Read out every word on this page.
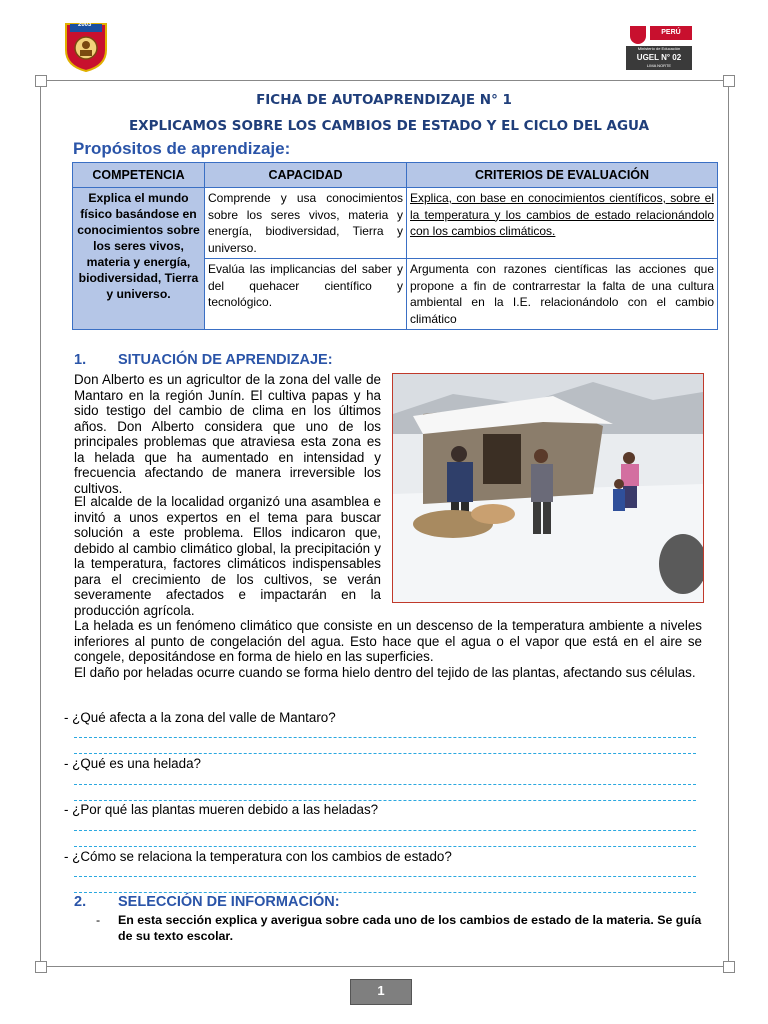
2003
PERÚ
Ministerio de Educación
UGEL N° 02
LIMA NORTE
FICHA DE AUTOAPRENDIZAJE N° 1
EXPLICAMOS SOBRE LOS CAMBIOS DE ESTADO Y EL CICLO DEL AGUA
Propósitos de aprendizaje:
COMPETENCIA	CAPACIDAD	CRITERIOS DE EVALUACIÓN
Explica el mundo físico basándose en conocimientos sobre los seres vivos, materia y energía, biodiversidad, Tierra y universo.	Comprende y usa conocimientos sobre los seres vivos, materia y energía, biodiversidad, Tierra y universo.	Explica, con base en conocimientos científicos, sobre el la temperatura y los cambios de estado relacionándolo con los cambios climáticos.
	Evalúa las implicancias del saber y del quehacer científico y tecnológico.	Argumenta con razones científicas las acciones que propone a fin de contrarrestar la falta de una cultura ambiental en la I.E. relacionándolo con el cambio climático
1. SITUACIÓN DE APRENDIZAJE:
Don Alberto es un agricultor de la zona del valle de Mantaro en la región Junín. El cultiva papas y ha sido testigo del cambio de clima en los últimos años. Don Alberto considera que uno de los principales problemas que atraviesa esta zona es la helada que ha aumentado en intensidad y frecuencia afectando de manera irreversible los cultivos.
El alcalde de la localidad organizó una asamblea e invitó a unos expertos en el tema para buscar solución a este problema. Ellos indicaron que, debido al cambio climático global, la precipitación y la temperatura, factores climáticos indispensables para el crecimiento de los cultivos, se verán severamente afectados e impactarán en la producción agrícola.
La helada es un fenómeno climático que consiste en un descenso de la temperatura ambiente a niveles inferiores al punto de congelación del agua. Esto hace que el agua o el vapor que está en el aire se congele, depositándose en forma de hielo en las superficies.
El daño por heladas ocurre cuando se forma hielo dentro del tejido de las plantas, afectando sus células.
- ¿Qué afecta a la zona del valle de Mantaro?
- ¿Qué es una helada?
- ¿Por qué las plantas mueren debido a las heladas?
- ¿Cómo se relaciona la temperatura con los cambios de estado?
2. SELECCIÓN DE INFORMACIÓN:
- En esta sección explica y averigua sobre cada uno de los cambios de estado de la materia. Se guía de su texto escolar.
1
